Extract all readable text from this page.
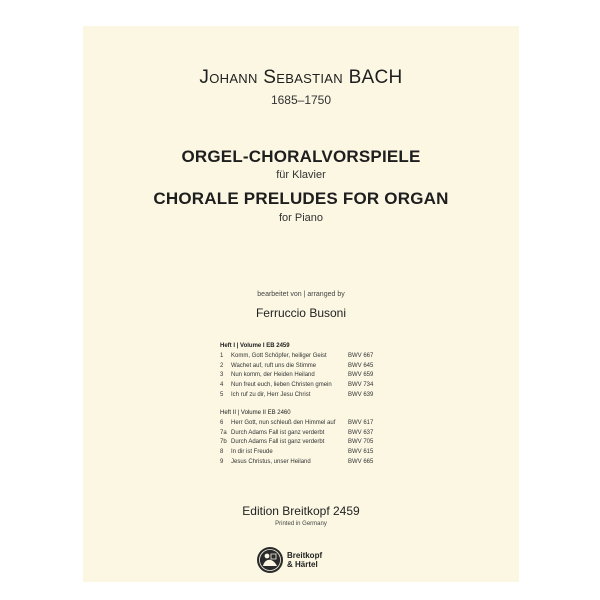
Johann Sebastian BACH
1685–1750
ORGEL-CHORALVORSPIELE
für Klavier
CHORALE PRELUDES FOR ORGAN
for Piano
bearbeitet von | arranged by
Ferruccio Busoni
Heft I | Volume I EB 2459
1	Komm, Gott Schöpfer, heiliger Geist	BWV 667
2	Wachet auf, ruft uns die Stimme	BWV 645
3	Nun komm, der Heiden Heiland	BWV 659
4	Nun freut euch, lieben Christen gmein	BWV 734
5	Ich ruf zu dir, Herr Jesu Christ	BWV 639
Heft II | Volume II EB 2460
6	Herr Gott, nun schleuß den Himmel auf BWV 617
7a Durch Adams Fall ist ganz verderbt	BWV 637
7b Durch Adams Fall ist ganz verderbt	BWV 705
8	In dir ist Freude	BWV 615
9	Jesus Christus, unser Heiland	BWV 665
Edition Breitkopf 2459
Printed in Germany
Breitkopf
& Härtel
